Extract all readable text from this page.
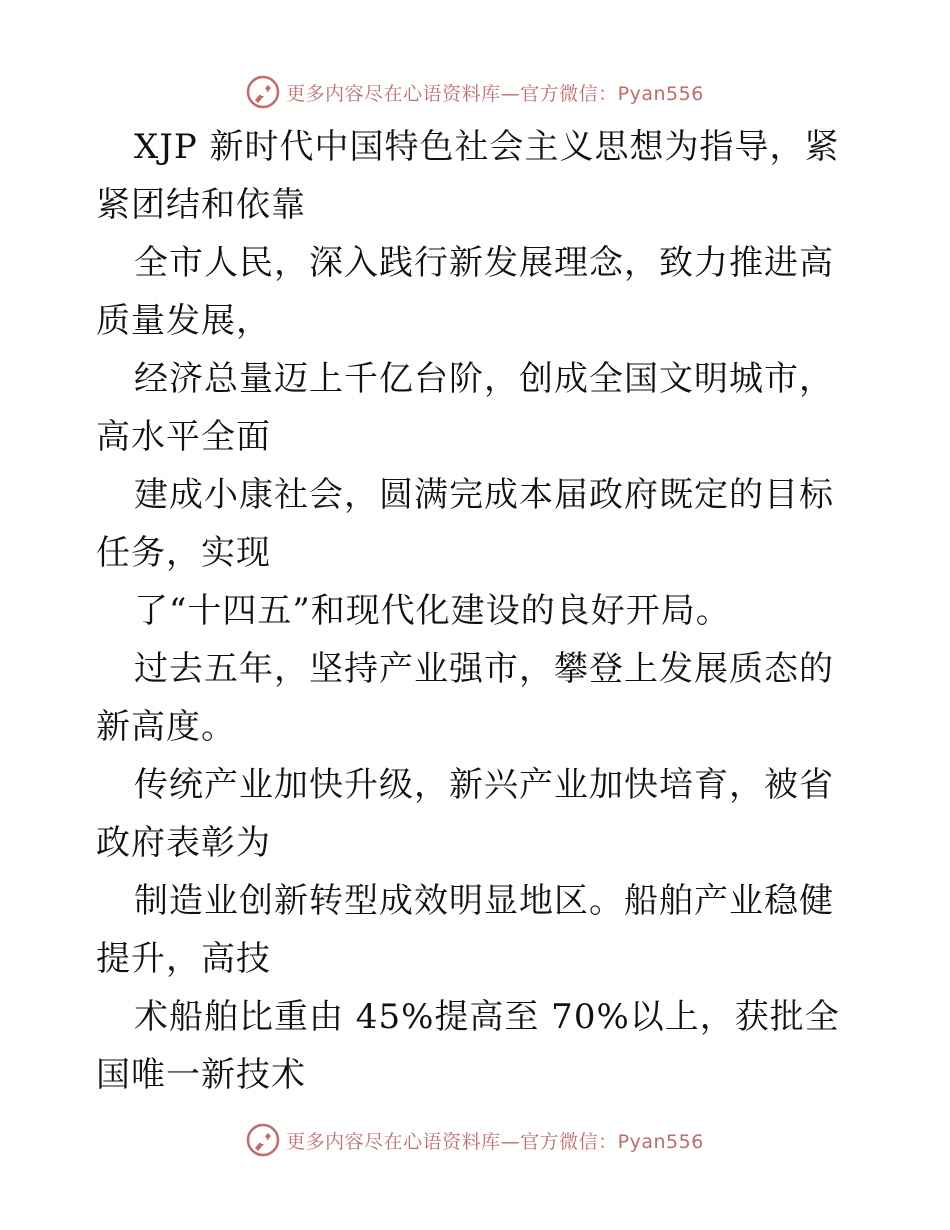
更多内容尽在心语资料库—官方微信：Pyan556

XJP 新时代中国特色社会主义思想为指导，紧紧团结和依靠

全市人民，深入践行新发展理念，致力推进高质量发展，

经济总量迈上千亿台阶，创成全国文明城市，高水平全面

建成小康社会，圆满完成本届政府既定的目标任务，实现

了“十四五”和现代化建设的良好开局。

过去五年，坚持产业强市，攀登上发展质态的新高度。

传统产业加快升级，新兴产业加快培育，被省政府表彰为

制造业创新转型成效明显地区。船舶产业稳健提升，高技

术船舶比重由 45%提高至 70%以上，获批全国唯一新技术

更多内容尽在心语资料库—官方微信：Pyan556
